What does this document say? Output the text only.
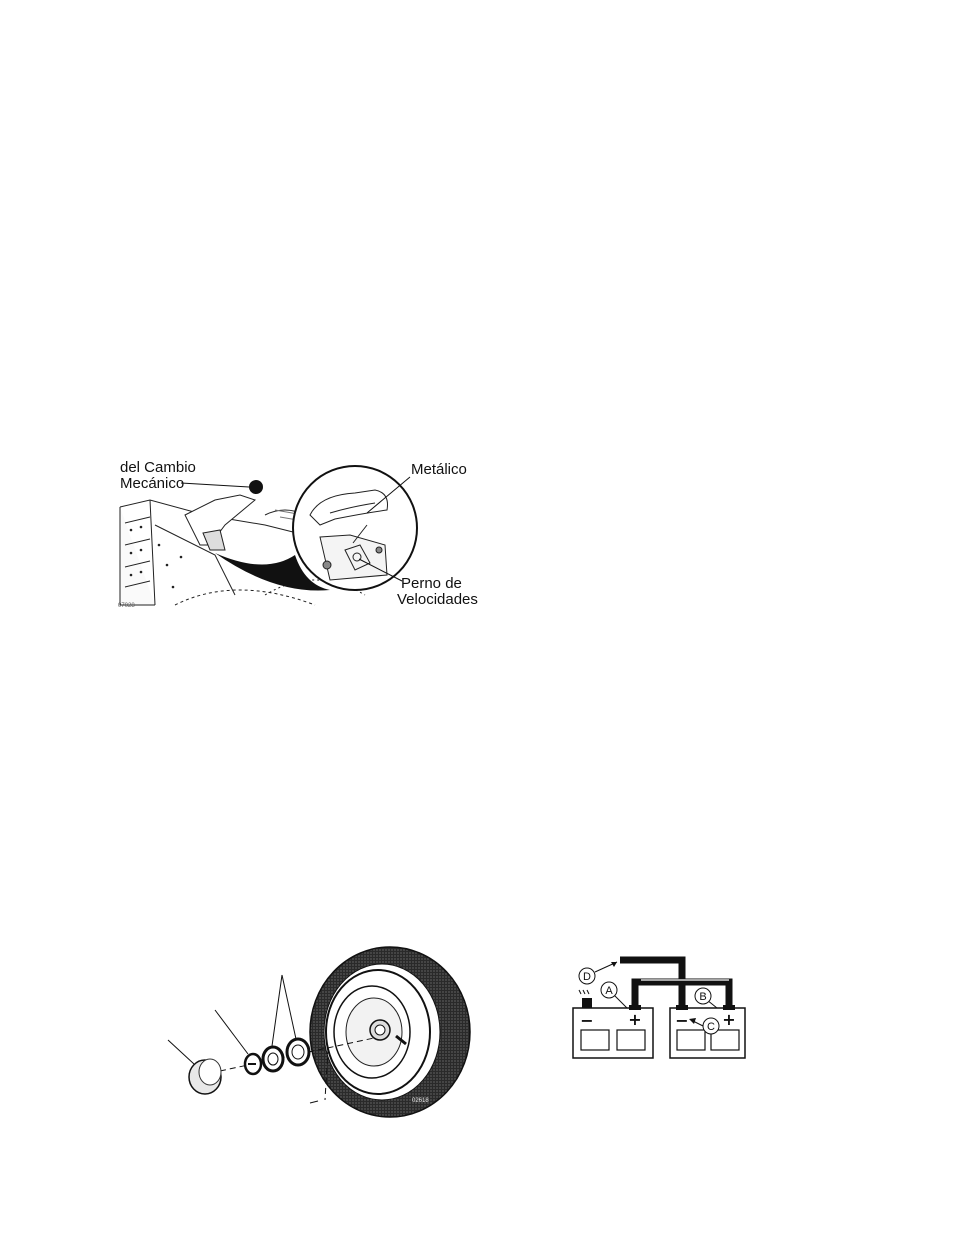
07028
del Cambio
Mecánico
Metálico
Perno de
Velocidades
02618
D
A	B
C
− + − +
